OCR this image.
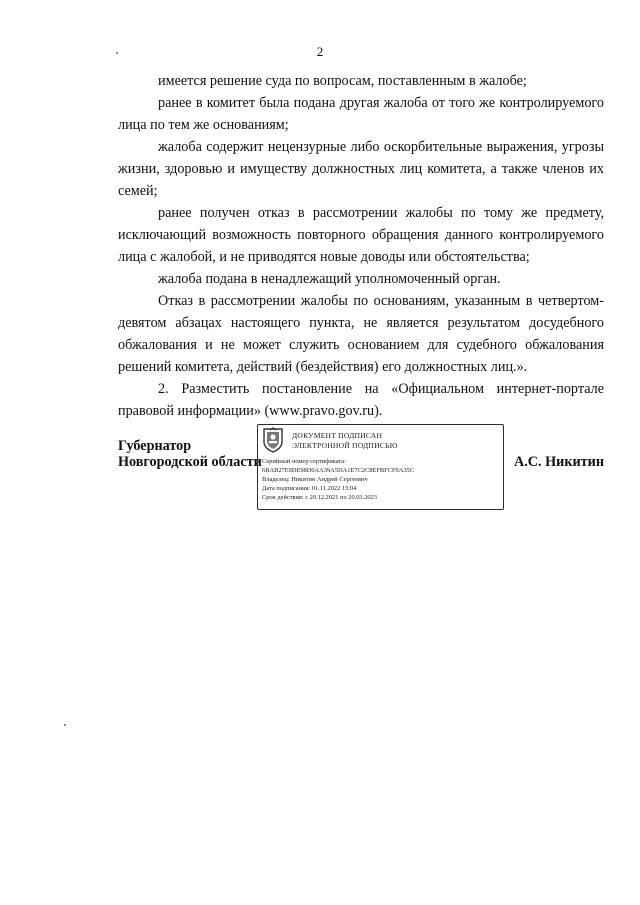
2

имеется решение суда по вопросам, поставленным в жалобе;

ранее в комитет была подана другая жалоба от того же контролируемого лица по тем же основаниям;

жалоба содержит нецензурные либо оскорбительные выражения, угрозы жизни, здоровью и имуществу должностных лиц комитета, а также членов их семей;

ранее получен отказ в рассмотрении жалобы по тому же предмету, исключающий возможность повторного обращения данного контролируемого лица с жалобой, и не приводятся новые доводы или обстоятельства;

жалоба подана в ненадлежащий уполномоченный орган.

Отказ в рассмотрении жалобы по основаниям, указанным в четвертом-девятом абзацах настоящего пункта, не является результатом досудебного обжалования и не может служить основанием для судебного обжалования решений комитета, действий (бездействия) его должностных лиц.».

2. Разместить постановление на «Официальном интернет-портале правовой информации» (www.pravo.gov.ru).

Губернатор
Новгородской области
ДОКУМЕНТ ПОДПИСАН
ЭЛЕКТРОННОЙ ПОДПИСЬЮ
Серийный номер сертификата:
6BAB27E9DE98D0AA39A5DA1E7C2C8EFBFCF0A35C
Владелец: Никитин Андрей Сергеевич
Дата подписания: 01.11.2022 15:04
Срок действия: с 20.12.2021 по 20.03.2023
А.С. Никитин
